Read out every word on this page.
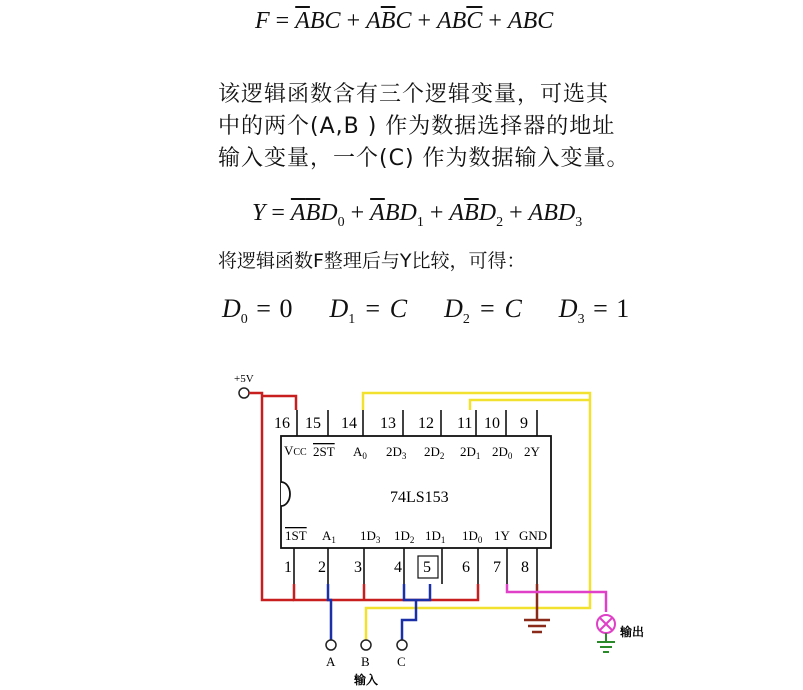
$F = \overline{A}BC + A\overline{B}C + AB\overline{C}$ + ABC
该逻辑函数含有三个逻辑变量，可选其
中的两个(A,B ) 作为数据选择器的地址
输入变量，一个(C) 作为数据输入变量。
$Y = \overline{A}\overline{B}D_0 + \overline{A}BD_1 + A\overline{B}D_2 + ABD_3$
将逻辑函数F整理后与Y比较，可得：
$D_0 = 0$ $D_1 = C$ $D_2 = C$ $D_3 = 1$
+5V
输出
74LS153
16 15 14 13 12 11 10 9
VCC 2ST $A_0$ $2D_3$ $2D_2$ $2D_1$ $2D_0$ 2Y
1ST $A_1$ $1D_3$ $1D_2$ $1D_1$ $1D_0$ 1Y GND
1 2 3 4 5 6 7 8
A B C
输入
